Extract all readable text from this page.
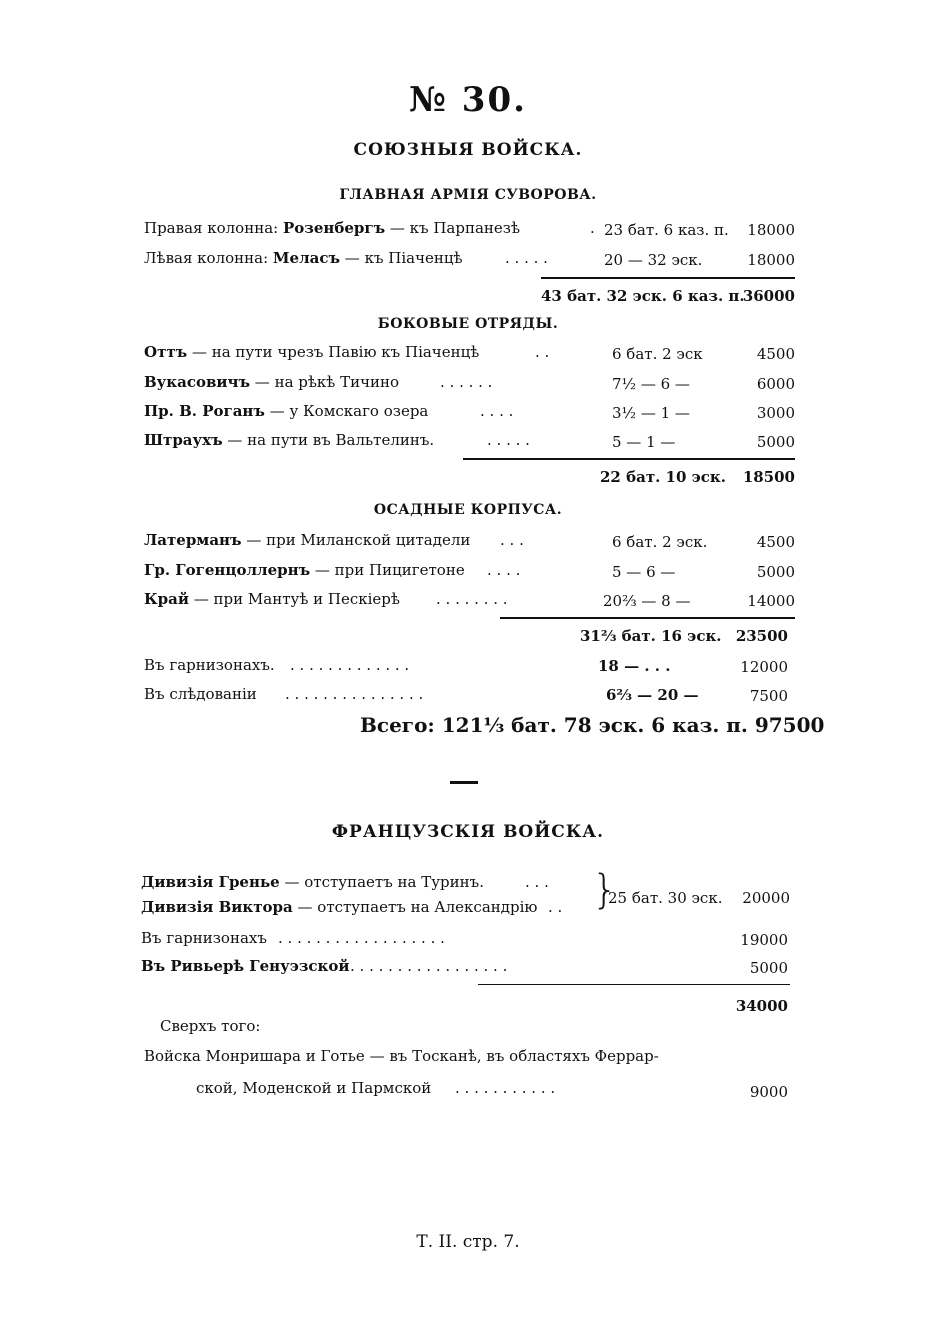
№ 30.
СОЮЗНЫЯ ВОЙСКА.
ГЛАВНАЯ АРМІЯ СУВОРОВА.
Правая колонна: Розенбергъ — къ Парпанезѣ	. 23 бат. 6 каз. п.	18000
Лѣвая колонна: Меласъ — къ Піаченцѣ	. . . . .	20 — 32 эск.	18000
43 бат. 32 эск. 6 каз. п.
36000
БОКОВЫЕ ОТРЯДЫ.
Оттъ — на пути чрезъ Павію къ Піаченцѣ	. .	6 бат. 2 эск	4500
Вукасовичъ — на рѣкѣ Тичино	. . . . . .	7½ — 6 —	6000
Пр. В. Роганъ — у Комскаго озера	. . . .	3½ — 1 —	3000
Штраухъ — на пути въ Вальтелинъ.	. . . . .	5 — 1 —	5000
22 бат. 10 эск. 18500
ОСАДНЫЕ КОРПУСА.
Латерманъ — при Миланской цитадели . . .	6 бат. 2 эск.	4500
Гр. Гогенцоллернъ — при Пицигетоне . . . .	5 — 6 —	5000
Край — при Мантуѣ и Пескіерѣ . . . . . . . .	20⅔ — 8 —	14000
31⅔ бат. 16 эск. 23500
Въ гарнизонахъ. . . . . . . . . . . . . .	18 — . . .	12000
Въ слѣдованіи . . . . . . . . . . . . . . .	6⅔ — 20 —	7500
Всего: 121⅓ бат. 78 эск. 6 каз. п. 97500
ФРАНЦУЗСКІЯ ВОЙСКА.
Дивизія Гренье — отступаетъ на Туринъ.	. . .
Дивизія Виктора — отступаетъ на Александрію . . }
25 бат. 30 эск.	20000
Въ гарнизонахъ . . . . . . . . . . . . . . . . . .	19000
Въ Ривьерѣ Генуэзской . . . . . . . . . . . . . . . . .	5000
34000
Сверхъ того:
Войска Монришара и Готье — въ Тосканѣ, въ областяхъ Феррар-
ской, Моденской и Пармской . . . . . . . . . . .	9000
Т. II. стр. 7.
